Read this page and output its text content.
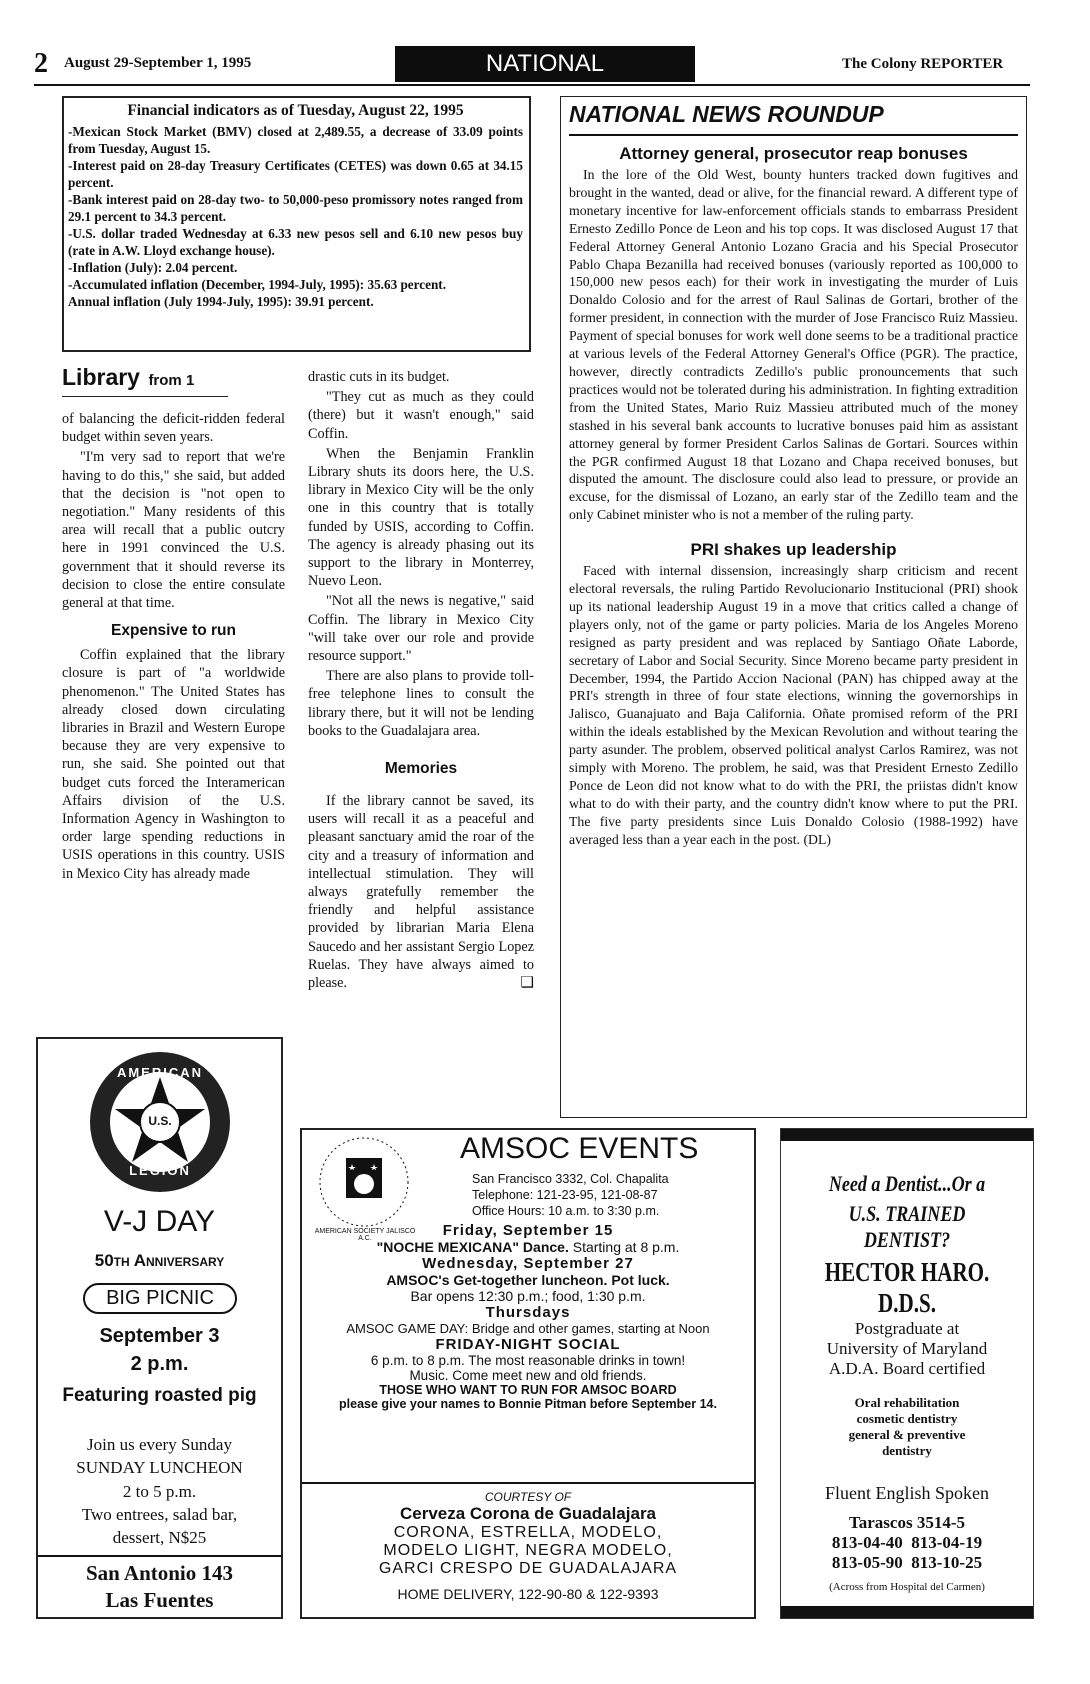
2 August 29-September 1, 1995	NATIONAL	The Colony REPORTER
Financial indicators as of Tuesday, August 22, 1995

-Mexican Stock Market (BMV) closed at 2,489.55, a decrease of 33.09 points from Tuesday, August 15.

-Interest paid on 28-day Treasury Certificates (CETES) was down 0.65 at 34.15 percent.

-Bank interest paid on 28-day two- to 50,000-peso promissory notes ranged from 29.1 percent to 34.3 percent.

-U.S. dollar traded Wednesday at 6.33 new pesos sell and 6.10 new pesos buy (rate in A.W. Lloyd exchange house).

-Inflation (July): 2.04 percent.

-Accumulated inflation (December, 1994-July, 1995): 35.63 percent.

Annual inflation (July 1994-July, 1995): 39.91 percent.

Library from 1

of balancing the deficit-ridden federal budget within seven years.

"I'm very sad to report that we're having to do this," she said, but added that the decision is "not open to negotiation." Many residents of this area will recall that a public outcry here in 1991 convinced the U.S. government that it should reverse its decision to close the entire consulate general at that time.

Expensive to run

Coffin explained that the library closure is part of "a worldwide phenomenon." The United States has already closed down circulating libraries in Brazil and Western Europe because they are very expensive to run, she said. She pointed out that budget cuts forced the Interamerican Affairs division of the U.S. Information Agency in Washington to order large spending reductions in USIS operations in this country. USIS in Mexico City has already made

drastic cuts in its budget.

"They cut as much as they could (there) but it wasn't enough," said Coffin.

When the Benjamin Franklin Library shuts its doors here, the U.S. library in Mexico City will be the only one in this country that is totally funded by USIS, according to Coffin. The agency is already phasing out its support to the library in Monterrey, Nuevo Leon.

"Not all the news is negative," said Coffin. The library in Mexico City "will take over our role and provide resource support."

There are also plans to provide toll-free telephone lines to consult the library there, but it will not be lending books to the Guadalajara area.

Memories

If the library cannot be saved, its users will recall it as a peaceful and pleasant sanctuary amid the roar of the city and a treasury of information and intellectual stimulation. They will always gratefully remember the friendly and helpful assistance provided by librarian Maria Elena Saucedo and her assistant Sergio Lopez Ruelas. They have always aimed to please.	❑

NATIONAL NEWS ROUNDUP
Attorney general, prosecutor reap bonuses

In the lore of the Old West, bounty hunters tracked down fugitives and brought in the wanted, dead or alive, for the financial reward. A different type of monetary incentive for law-enforcement officials stands to embarrass President Ernesto Zedillo Ponce de Leon and his top cops. It was disclosed August 17 that Federal Attorney General Antonio Lozano Gracia and his Special Prosecutor Pablo Chapa Bezanilla had received bonuses (variously reported as 100,000 to 150,000 new pesos each) for their work in investigating the murder of Luis Donaldo Colosio and for the arrest of Raul Salinas de Gortari, brother of the former president, in connection with the murder of Jose Francisco Ruiz Massieu. Payment of special bonuses for work well done seems to be a traditional practice at various levels of the Federal Attorney General's Office (PGR). The practice, however, directly contradicts Zedillo's public pronouncements that such practices would not be tolerated during his administration. In fighting extradition from the United States, Mario Ruiz Massieu attributed much of the money stashed in his several bank accounts to lucrative bonuses paid him as assistant attorney general by former President Carlos Salinas de Gortari. Sources within the PGR confirmed August 18 that Lozano and Chapa received bonuses, but disputed the amount. The disclosure could also lead to pressure, or provide an excuse, for the dismissal of Lozano, an early star of the Zedillo team and the only Cabinet minister who is not a member of the ruling party.

PRI shakes up leadership

Faced with internal dissension, increasingly sharp criticism and recent electoral reversals, the ruling Partido Revolucionario Institucional (PRI) shook up its national leadership August 19 in a move that critics called a change of players only, not of the game or party policies. Maria de los Angeles Moreno resigned as party president and was replaced by Santiago Oñate Laborde, secretary of Labor and Social Security. Since Moreno became party president in December, 1994, the Partido Accion Nacional (PAN) has chipped away at the PRI's strength in three of four state elections, winning the governorships in Jalisco, Guanajuato and Baja California. Oñate promised reform of the PRI within the ideals established by the Mexican Revolution and without tearing the party asunder. The problem, observed political analyst Carlos Ramirez, was not simply with Moreno. The problem, he said, was that President Ernesto Zedillo Ponce de Leon did not know what to do with the PRI, the priistas didn't know what to do with their party, and the country didn't know where to put the PRI. The five party presidents since Luis Donaldo Colosio (1988-1992) have averaged less than a year each in the post. (DL)

AMERICAN
U.S.
LEGION
V-J DAY
50th Anniversary
BIG PICNIC
September 3
2 p.m.
Featuring roasted pig
Join us every Sunday
SUNDAY LUNCHEON
2 to 5 p.m.
Two entrees, salad bar,
dessert, N$25
San Antonio 143
Las Fuentes
AMERICAN SOCIETY JALISCO A.C.
AMSOC EVENTS
San Francisco 3332, Col. Chapalita
Telephone: 121-23-95, 121-08-87
Office Hours: 10 a.m. to 3:30 p.m.
Friday, September 15
"NOCHE MEXICANA" Dance. Starting at 8 p.m.
Wednesday, September 27
AMSOC's Get-together luncheon. Pot luck.
Bar opens 12:30 p.m.; food, 1:30 p.m.
Thursdays
AMSOC GAME DAY: Bridge and other games, starting at Noon
FRIDAY-NIGHT SOCIAL
6 p.m. to 8 p.m. The most reasonable drinks in town!
Music. Come meet new and old friends.
THOSE WHO WANT TO RUN FOR AMSOC BOARD
please give your names to Bonnie Pitman before September 14.
COURTESY OF
Cerveza Corona de Guadalajara
CORONA, ESTRELLA, MODELO,
MODELO LIGHT, NEGRA MODELO,
GARCI CRESPO DE GUADALAJARA
HOME DELIVERY, 122-90-80 & 122-9393
Need a Dentist...Or a
U.S. TRAINED DENTIST?
HECTOR HARO. D.D.S.
Postgraduate at
University of Maryland
A.D.A. Board certified
Oral rehabilitation
cosmetic dentistry
general & preventive
dentistry
Fluent English Spoken
Tarascos 3514-5
813-04-40  813-04-19
813-05-90  813-10-25
(Across from Hospital del Carmen)
